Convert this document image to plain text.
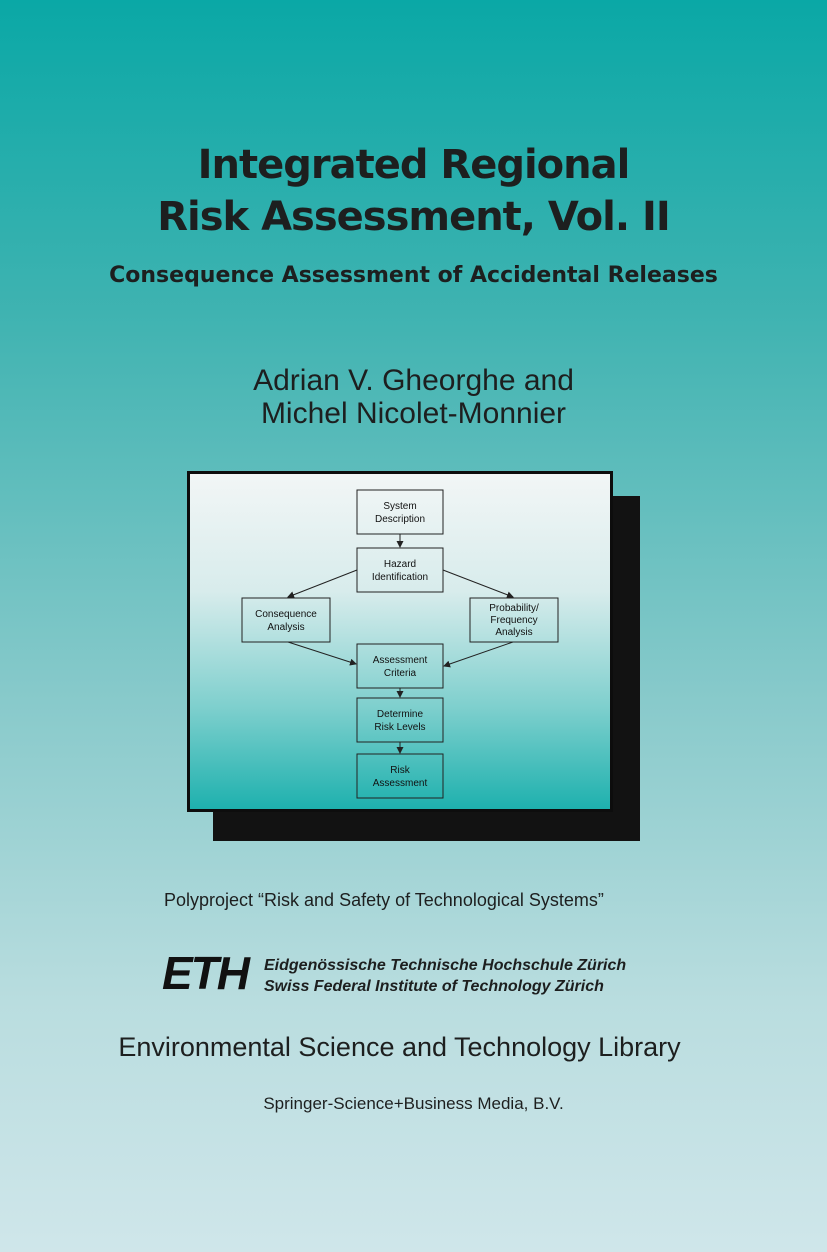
Integrated Regional
Risk Assessment, Vol. II
Consequence Assessment of Accidental Releases
Adrian V. Gheorghe and
Michel Nicolet-Monnier
System
Description
Hazard
Identification
Consequence
Analysis
Probability/
Frequency
Analysis
Assessment
Criteria
Determine
Risk Levels
Risk
Assessment
Polyproject “Risk and Safety of Technological Systems”
ETH Eidgenössische Technische Hochschule Zürich
Swiss Federal Institute of Technology Zürich
Environmental Science and Technology Library
Springer-Science+Business Media, B.V.
